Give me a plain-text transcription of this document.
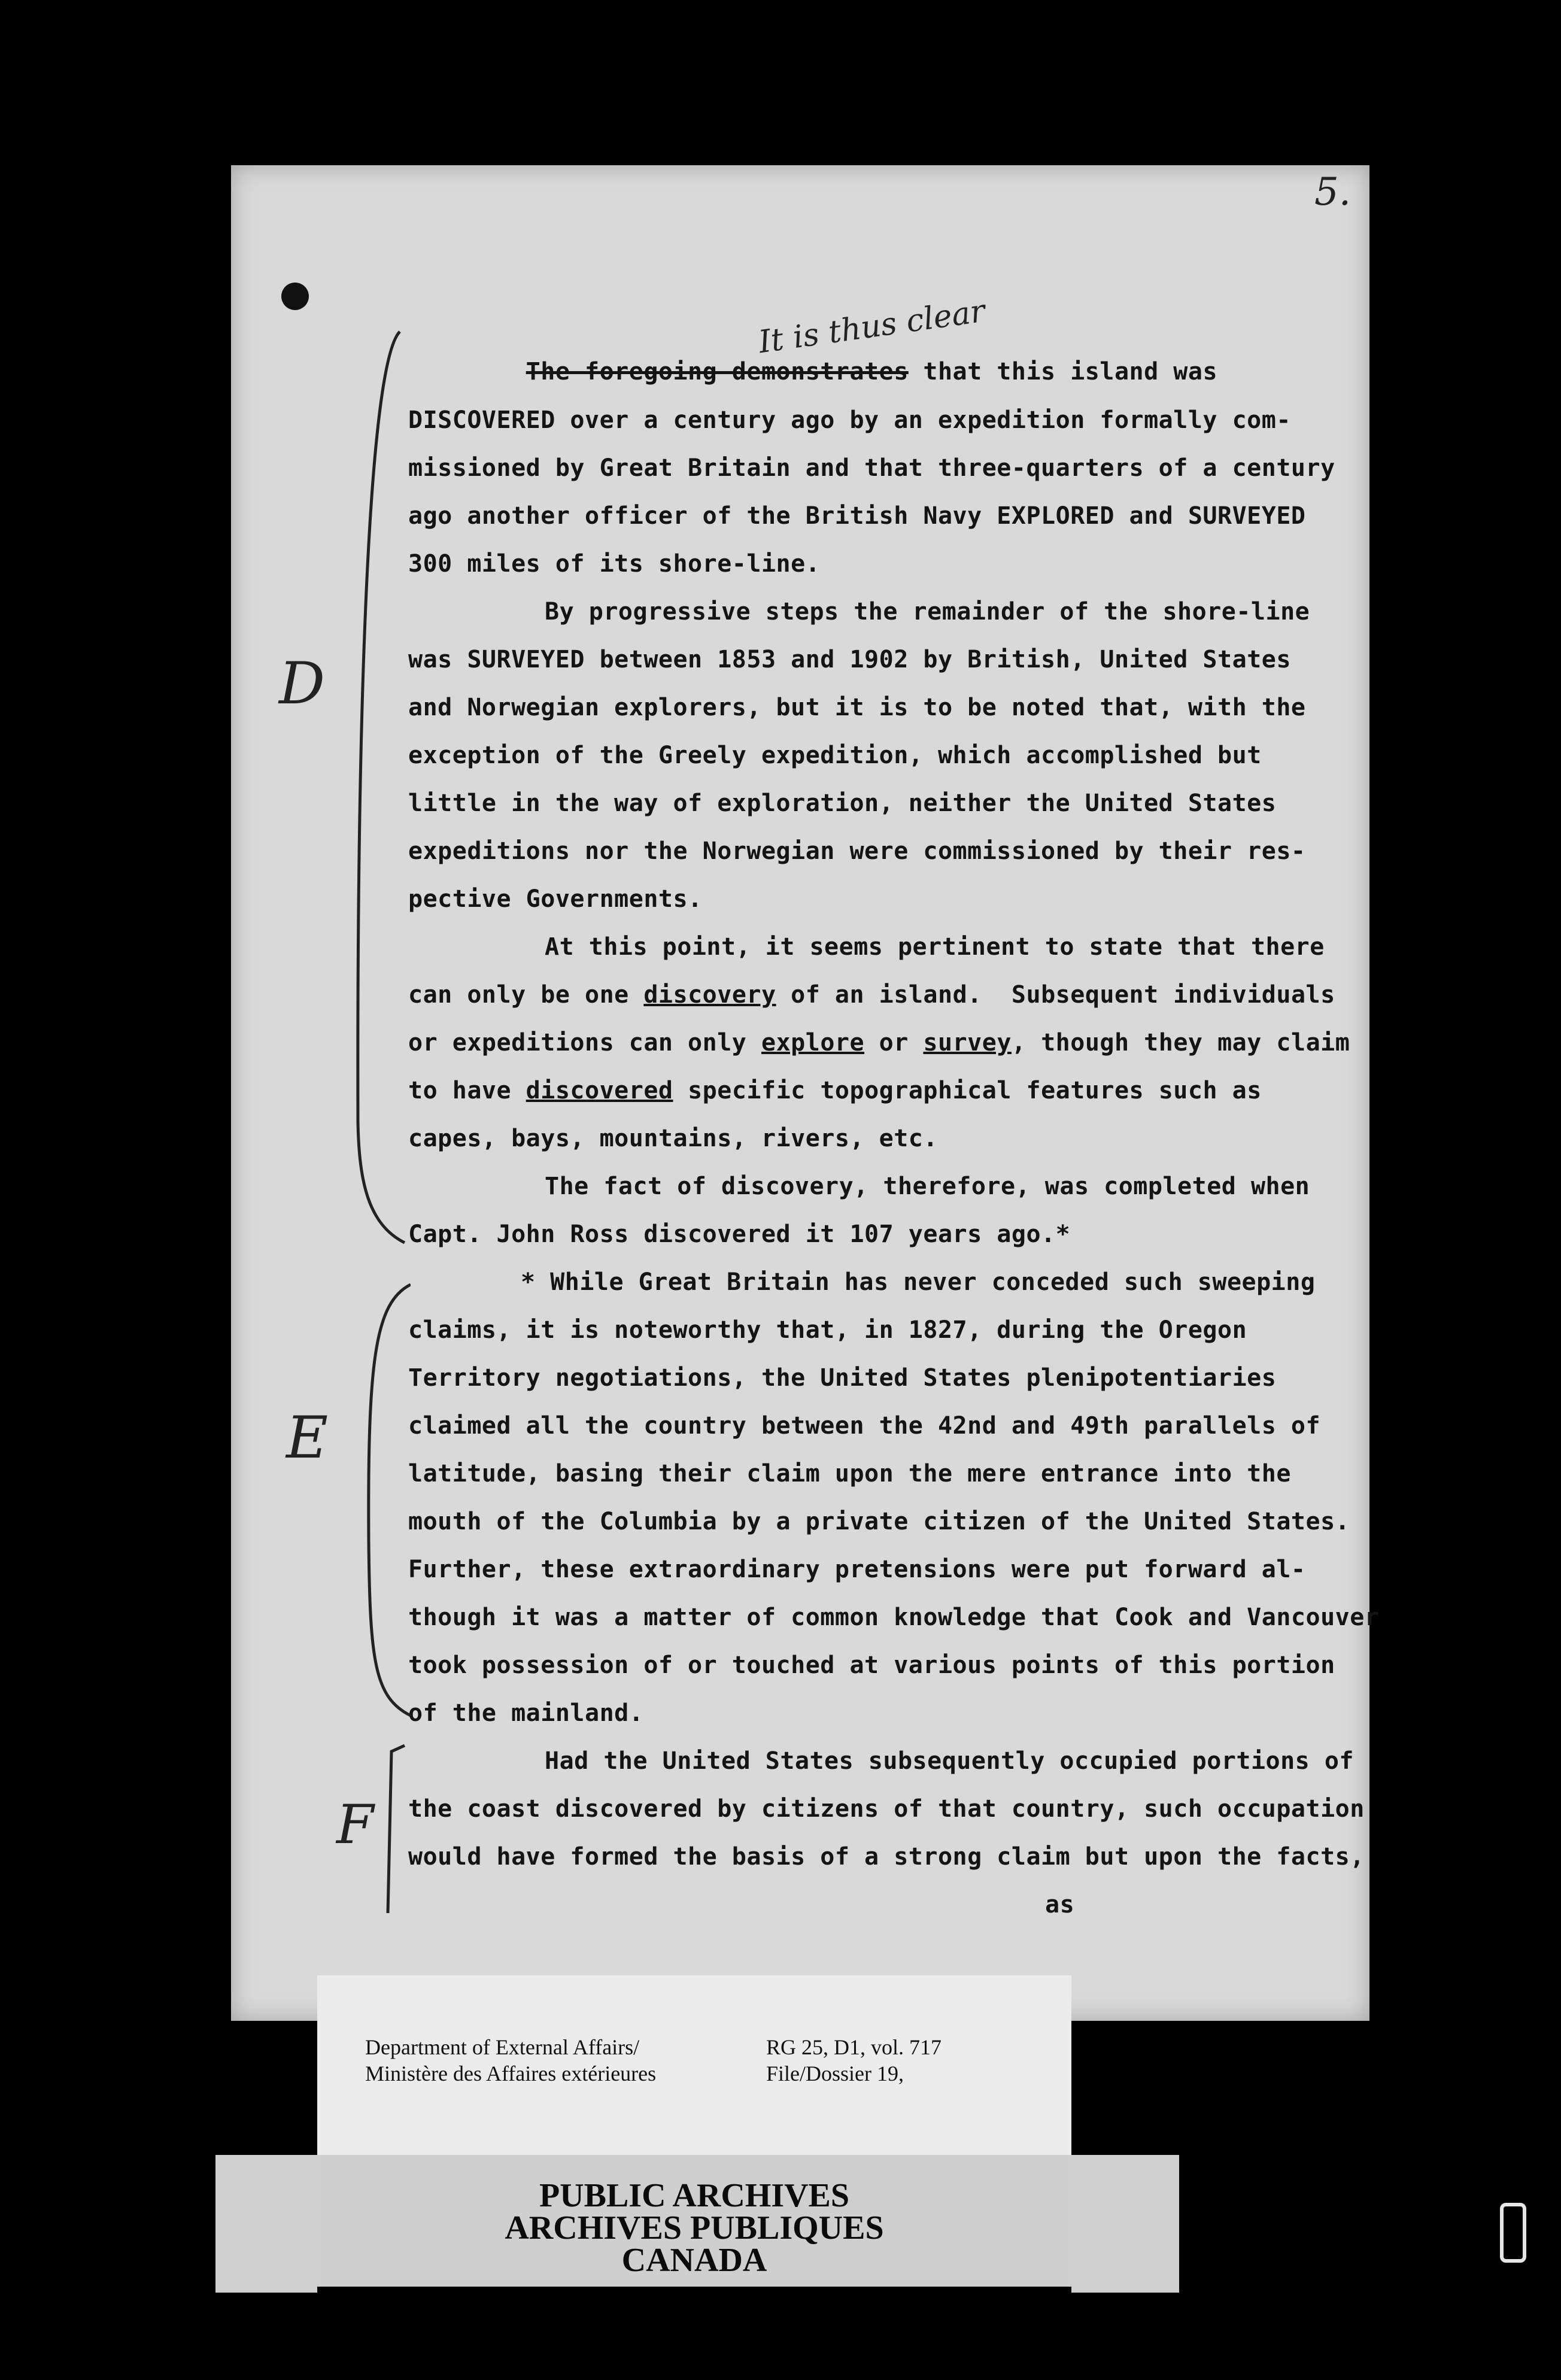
5.
It is thus clear
The foregoing demonstrates that this island was
DISCOVERED over a century ago by an expedition formally com-
missioned by Great Britain and that three-quarters of a century
ago another officer of the British Navy EXPLORED and SURVEYED
300 miles of its shore-line.
By progressive steps the remainder of the shore-line
was SURVEYED between 1853 and 1902 by British, United States
and Norwegian explorers, but it is to be noted that, with the
exception of the Greely expedition, which accomplished but
little in the way of exploration, neither the United States
expeditions nor the Norwegian were commissioned by their res-
pective Governments.
At this point, it seems pertinent to state that there
can only be one discovery of an island.  Subsequent individuals
or expeditions can only explore or survey, though they may claim
to have discovered specific topographical features such as
capes, bays, mountains, rivers, etc.
The fact of discovery, therefore, was completed when
Capt. John Ross discovered it 107 years ago.*
* While Great Britain has never conceded such sweeping
claims, it is noteworthy that, in 1827, during the Oregon
Territory negotiations, the United States plenipotentiaries
claimed all the country between the 42nd and 49th parallels of
latitude, basing their claim upon the mere entrance into the
mouth of the Columbia by a private citizen of the United States.
Further, these extraordinary pretensions were put forward al-
though it was a matter of common knowledge that Cook and Vancouver
took possession of or touched at various points of this portion
of the mainland.
Had the United States subsequently occupied portions of
the coast discovered by citizens of that country, such occupation
would have formed the basis of a strong claim but upon the facts,
as
D
E
F
Department of External Affairs/
Ministère des Affaires extérieures
RG 25, D1, vol. 717
File/Dossier 19,
PUBLIC ARCHIVES
ARCHIVES PUBLIQUES
CANADA
